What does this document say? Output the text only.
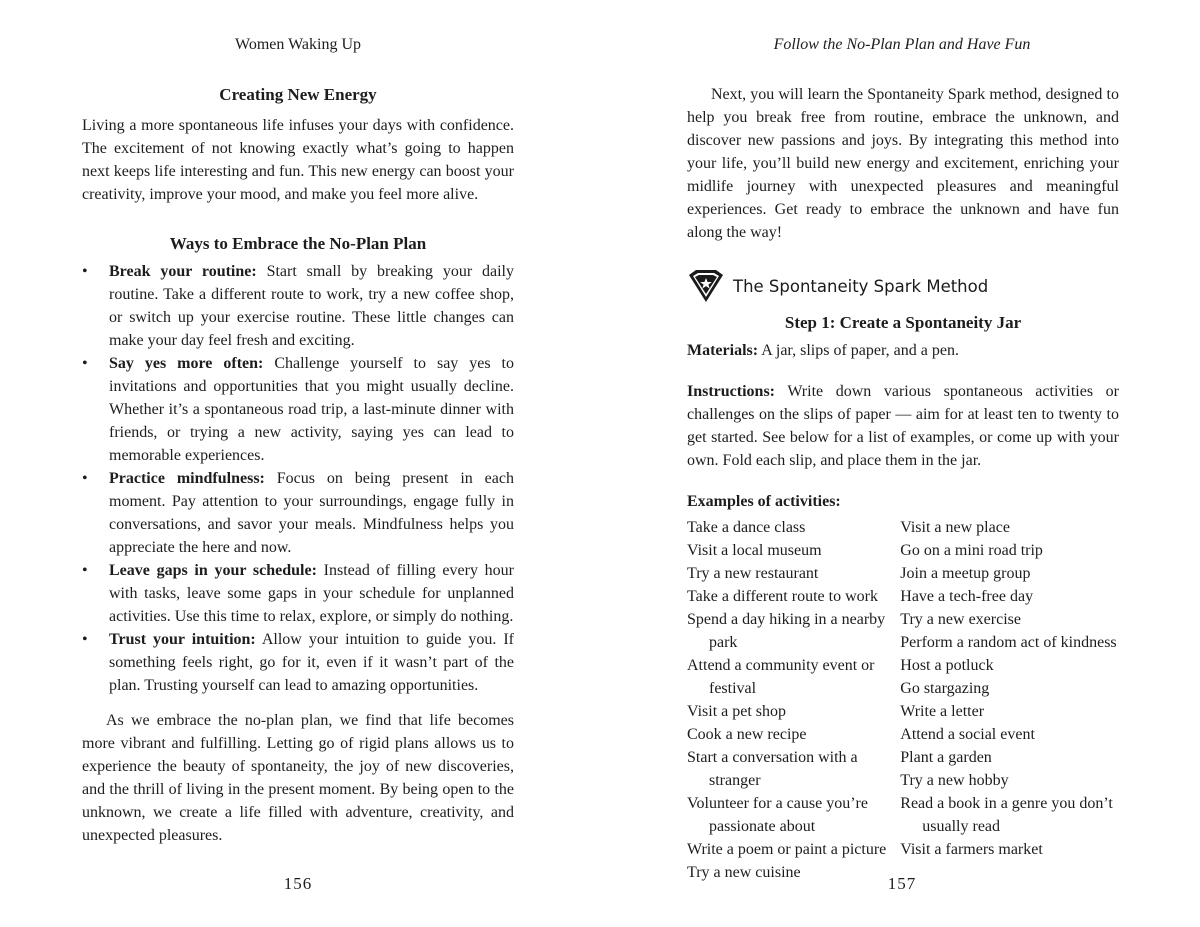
Women Waking Up
Creating New Energy

Living a more spontaneous life infuses your days with confidence. The excitement of not knowing exactly what’s going to happen next keeps life interesting and fun. This new energy can boost your creativity, improve your mood, and make you feel more alive.

Ways to Embrace the No-Plan Plan
• Break your routine: Start small by breaking your daily routine. Take a different route to work, try a new coffee shop, or switch up your exercise routine. These little changes can make your day feel fresh and exciting.
• Say yes more often: Challenge yourself to say yes to invitations and opportunities that you might usually decline. Whether it’s a spontaneous road trip, a last-minute dinner with friends, or trying a new activity, saying yes can lead to memorable experiences.
• Practice mindfulness: Focus on being present in each moment. Pay attention to your surroundings, engage fully in conversations, and savor your meals. Mindfulness helps you appreciate the here and now.
• Leave gaps in your schedule: Instead of filling every hour with tasks, leave some gaps in your schedule for unplanned activities. Use this time to relax, explore, or simply do nothing.
• Trust your intuition: Allow your intuition to guide you. If something feels right, go for it, even if it wasn’t part of the plan. Trusting yourself can lead to amazing opportunities.

As we embrace the no-plan plan, we find that life becomes more vibrant and fulfilling. Letting go of rigid plans allows us to experience the beauty of spontaneity, the joy of new discoveries, and the thrill of living in the present moment. By being open to the unknown, we create a life filled with adventure, creativity, and unexpected pleasures.

156
Follow the No-Plan Plan and Have Fun

Next, you will learn the Spontaneity Spark method, designed to help you break free from routine, embrace the unknown, and discover new passions and joys. By integrating this method into your life, you’ll build new energy and excitement, enriching your midlife journey with unexpected pleasures and meaningful experiences. Get ready to embrace the unknown and have fun along the way!

The Spontaneity Spark Method
Step 1: Create a Spontaneity Jar

Materials: A jar, slips of paper, and a pen.

Instructions: Write down various spontaneous activities or challenges on the slips of paper — aim for at least ten to twenty to get started. See below for a list of examples, or come up with your own. Fold each slip, and place them in the jar.

Examples of activities:
Take a dance class
Visit a local museum
Try a new restaurant
Take a different route to work
Spend a day hiking in a nearby park
Attend a community event or festival
Visit a pet shop
Cook a new recipe
Start a conversation with a stranger
Volunteer for a cause you’re passionate about
Write a poem or paint a picture
Try a new cuisine
Visit a new place
Go on a mini road trip
Join a meetup group
Have a tech-free day
Try a new exercise
Perform a random act of kindness
Host a potluck
Go stargazing
Write a letter
Attend a social event
Plant a garden
Try a new hobby
Read a book in a genre you don’t usually read
Visit a farmers market
157
